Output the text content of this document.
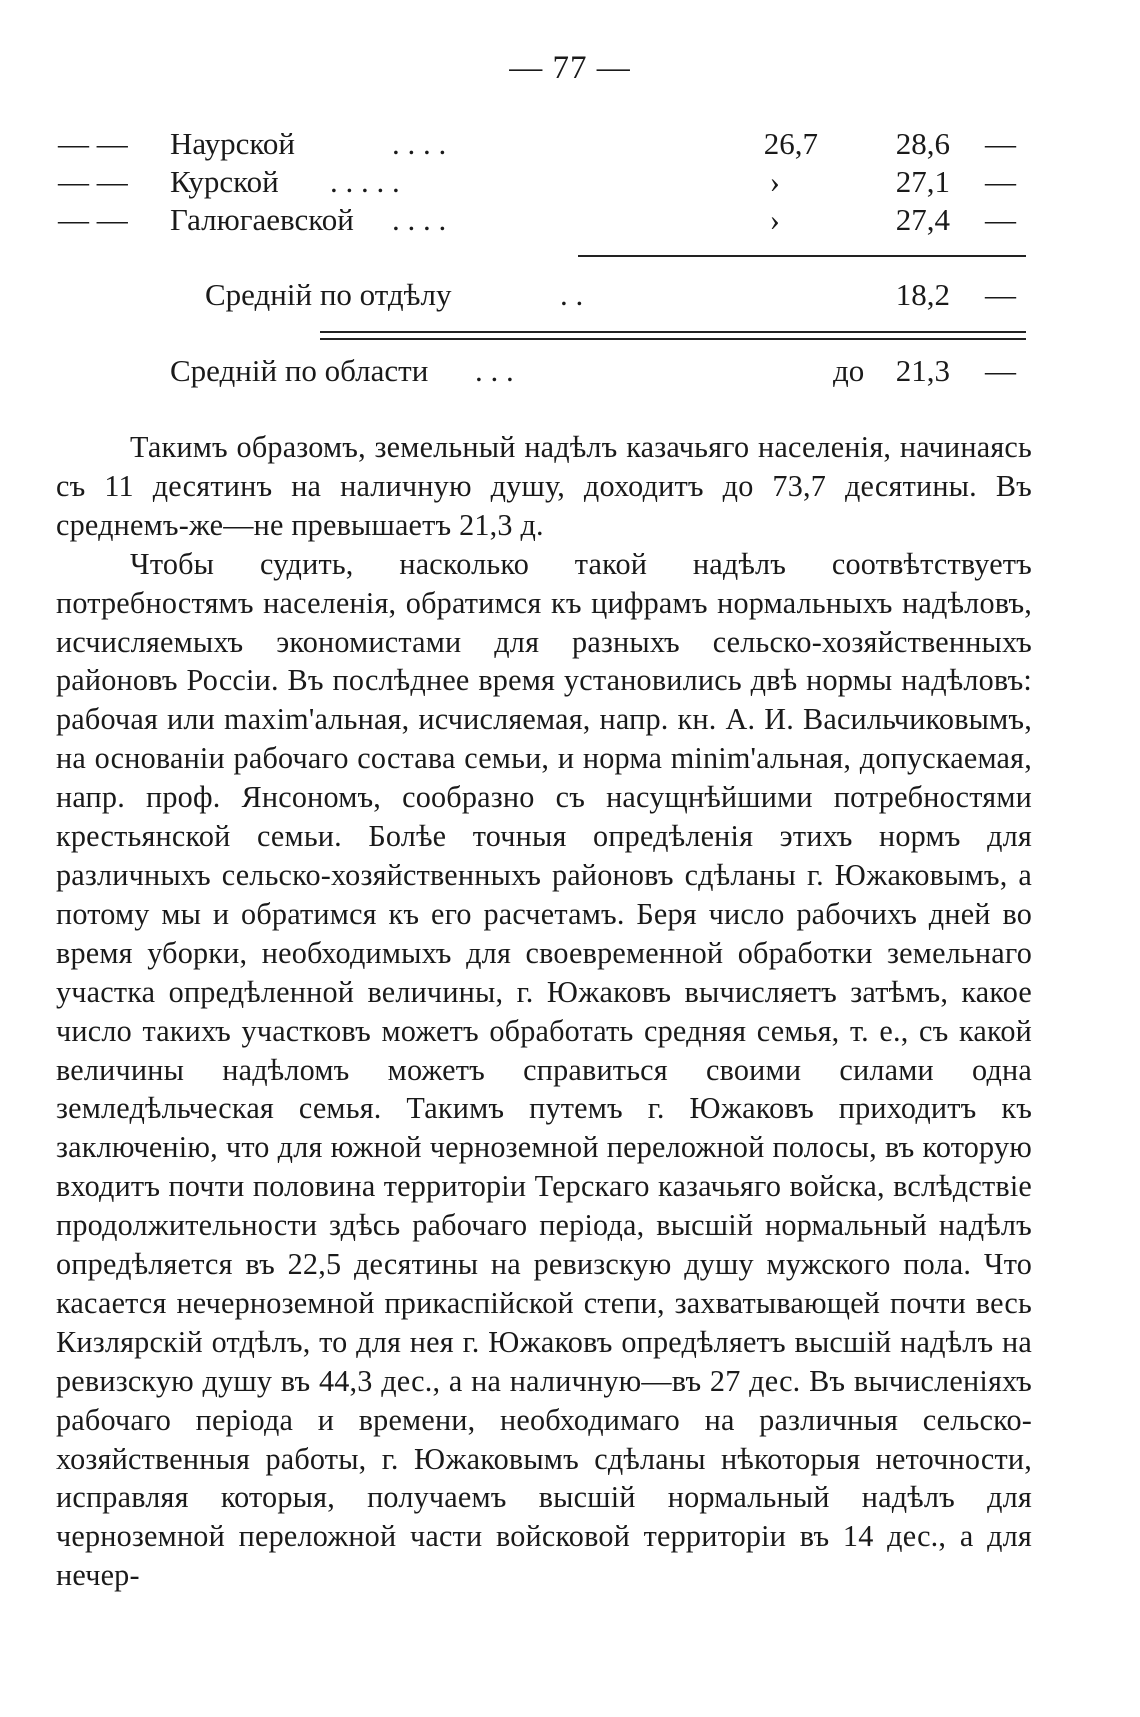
— 77 —
— — Наурской	. . . .	26,7	28,6 —
— — Курской . . . . .	›	27,1 —
— — Галюгаевской . . . .	›	27,4 —
Средній по отдѣлу	. .	18,2 —
Средній по области . . .	до 21,3 —

Такимъ образомъ, земельный надѣлъ казачьяго населенія, начинаясь съ 11 десятинъ на наличную душу, доходитъ до 73,7 десятины. Въ среднемъ-же—не превышаетъ 21,3 д.

Чтобы судить, насколько такой надѣлъ соотвѣтствуетъ потребностямъ населенія, обратимся къ цифрамъ нормальныхъ надѣловъ, исчисляемыхъ экономистами для разныхъ сельско-хозяйственныхъ районовъ Россіи. Въ послѣднее время установились двѣ нормы надѣловъ: рабочая или maxim'альная, исчисляемая, напр. кн. А. И. Васильчиковымъ, на основаніи рабочаго состава семьи, и норма minim'альная, допускаемая, напр. проф. Янсономъ, сообразно съ насущнѣйшими потребностями крестьянской семьи. Болѣе точныя опредѣленія этихъ нормъ для различныхъ сельско-хозяйственныхъ районовъ сдѣланы г. Южаковымъ, а потому мы и обратимся къ его расчетамъ. Беря число рабочихъ дней во время уборки, необходимыхъ для своевременной обработки земельнаго участка опредѣленной величины, г. Южаковъ вычисляетъ затѣмъ, какое число такихъ участковъ можетъ обработать средняя семья, т. е., съ какой величины надѣломъ можетъ справиться своими силами одна земледѣльческая семья. Такимъ путемъ г. Южаковъ приходитъ къ заключенію, что для южной черноземной переложной полосы, въ которую входитъ почти половина территоріи Терскаго казачьяго войска, вслѣдствіе продолжительности здѣсь рабочаго періода, высшій нормальный надѣлъ опредѣляется въ 22,5 десятины на ревизскую душу мужского пола. Что касается нечерноземной прикаспійской степи, захватывающей почти весь Кизлярскій отдѣлъ, то для нея г. Южаковъ опредѣляетъ высшій надѣлъ на ревизскую душу въ 44,3 дес., а на наличную—въ 27 дес. Въ вычисленіяхъ рабочаго періода и времени, необходимаго на различныя сельско-хозяйственныя работы, г. Южаковымъ сдѣланы нѣкоторыя неточности, исправляя которыя, получаемъ высшій нормальный надѣлъ для черноземной переложной части войсковой территоріи въ 14 дес., а для нечер-
